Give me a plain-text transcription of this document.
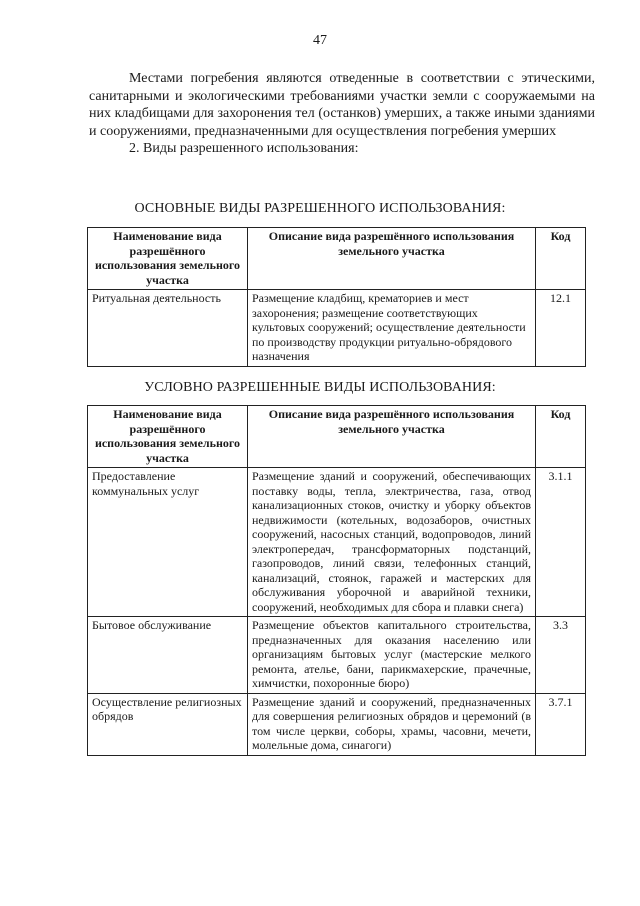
47

Местами погребения являются отведенные в соответствии с этическими, санитарными и экологическими требованиями участки земли с сооружаемыми на них кладбищами для захоронения тел (останков) умерших, а также иными зданиями и сооружениями, предназначенными для осуществления погребения умерших

2. Виды разрешенного использования:

ОСНОВНЫЕ ВИДЫ РАЗРЕШЕННОГО ИСПОЛЬЗОВАНИЯ:
Наименование вида разрешённого использования земельного участка	Описание вида разрешённого использования земельного участка	Код
Ритуальная деятельность	Размещение кладбищ, крематориев и мест захоронения; размещение соответствующих культовых сооружений; осуществление деятельности по производству продукции ритуально-обрядового назначения	12.1
УСЛОВНО РАЗРЕШЕННЫЕ ВИДЫ ИСПОЛЬЗОВАНИЯ:
Наименование вида разрешённого использования земельного участка	Описание вида разрешённого использования земельного участка	Код
Предоставление коммунальных услуг	Размещение зданий и сооружений, обеспечивающих поставку воды, тепла, электричества, газа, отвод канализационных стоков, очистку и уборку объектов недвижимости (котельных, водозаборов, очистных сооружений, насосных станций, водопроводов, линий электропередач, трансформаторных подстанций, газопроводов, линий связи, телефонных станций, канализаций, стоянок, гаражей и мастерских для обслуживания уборочной и аварийной техники, сооружений, необходимых для сбора и плавки снега)	3.1.1
Бытовое обслуживание	Размещение объектов капитального строительства, предназначенных для оказания населению или организациям бытовых услуг (мастерские мелкого ремонта, ателье, бани, парикмахерские, прачечные, химчистки, похоронные бюро)	3.3
Осуществление религиозных обрядов	Размещение зданий и сооружений, предназначенных для совершения религиозных обрядов и церемоний (в том числе церкви, соборы, храмы, часовни, мечети, молельные дома, синагоги)	3.7.1
